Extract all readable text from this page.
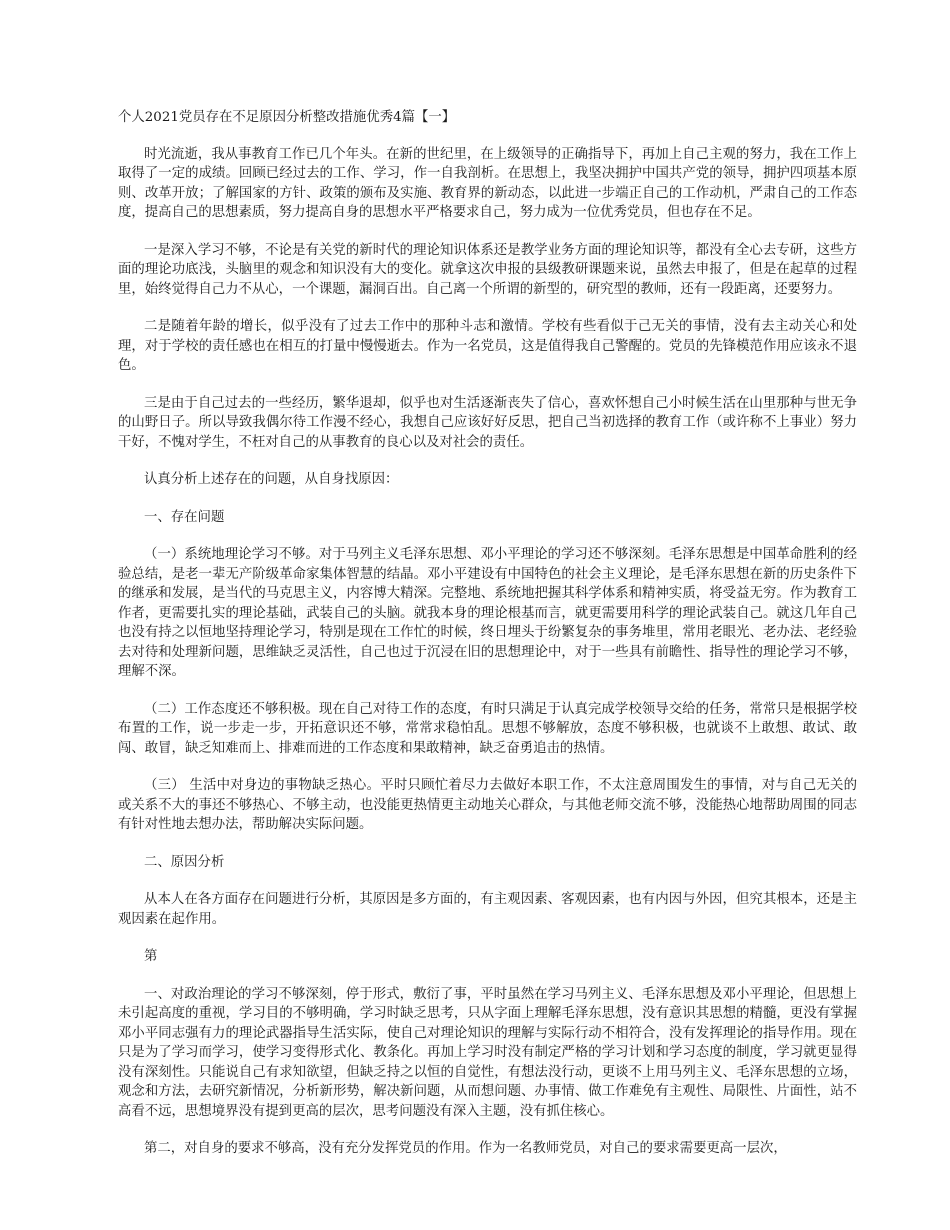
个人2021党员存在不足原因分析整改措施优秀4篇【一】

时光流逝，我从事教育工作已几个年头。在新的世纪里，在上级领导的正确指导下，再加上自己主观的努力，我在工作上取得了一定的成绩。回顾已经过去的工作、学习，作一自我剖析。在思想上，我坚决拥护中国共产党的领导，拥护四项基本原则、改革开放；了解国家的方针、政策的颁布及实施、教育界的新动态，以此进一步端正自己的工作动机，严肃自己的工作态度，提高自己的思想素质，努力提高自身的思想水平严格要求自己，努力成为一位优秀党员，但也存在不足。

一是深入学习不够，不论是有关党的新时代的理论知识体系还是教学业务方面的理论知识等，都没有全心去专研，这些方面的理论功底浅，头脑里的观念和知识没有大的变化。就拿这次申报的县级教研课题来说，虽然去申报了，但是在起草的过程里，始终觉得自己力不从心，一个课题，漏洞百出。自己离一个所谓的新型的，研究型的教师，还有一段距离，还要努力。

二是随着年龄的增长，似乎没有了过去工作中的那种斗志和激情。学校有些看似于己无关的事情，没有去主动关心和处理，对于学校的责任感也在相互的打量中慢慢逝去。作为一名党员，这是值得我自己警醒的。党员的先锋模范作用应该永不退色。

三是由于自己过去的一些经历，繁华退却，似乎也对生活逐渐丧失了信心，喜欢怀想自己小时候生活在山里那种与世无争的山野日子。所以导致我偶尔待工作漫不经心，我想自己应该好好反思，把自己当初选择的教育工作（或许称不上事业）努力干好，不愧对学生，不枉对自己的从事教育的良心以及对社会的责任。

认真分析上述存在的问题，从自身找原因：

一、存在问题

（一）系统地理论学习不够。对于马列主义毛泽东思想、邓小平理论的学习还不够深刻。毛泽东思想是中国革命胜利的经验总结，是老一辈无产阶级革命家集体智慧的结晶。邓小平建设有中国特色的社会主义理论，是毛泽东思想在新的历史条件下的继承和发展，是当代的马克思主义，内容博大精深。完整地、系统地把握其科学体系和精神实质，将受益无穷。作为教育工作者，更需要扎实的理论基础，武装自己的头脑。就我本身的理论根基而言，就更需要用科学的理论武装自己。就这几年自己也没有持之以恒地坚持理论学习，特别是现在工作忙的时候，终日埋头于纷繁复杂的事务堆里，常用老眼光、老办法、老经验去对待和处理新问题，思维缺乏灵活性，自己也过于沉浸在旧的思想理论中，对于一些具有前瞻性、指导性的理论学习不够，理解不深。

（二）工作态度还不够积极。现在自己对待工作的态度，有时只满足于认真完成学校领导交给的任务，常常只是根据学校布置的工作，说一步走一步，开拓意识还不够，常常求稳怕乱。思想不够解放，态度不够积极，也就谈不上敢想、敢试、敢闯、敢冒，缺乏知难而上、排难而进的工作态度和果敢精神，缺乏奋勇追击的热情。

（三） 生活中对身边的事物缺乏热心。平时只顾忙着尽力去做好本职工作，不太注意周围发生的事情，对与自己无关的或关系不大的事还不够热心、不够主动，也没能更热情更主动地关心群众，与其他老师交流不够，没能热心地帮助周围的同志有针对性地去想办法，帮助解决实际问题。

二、原因分析

从本人在各方面存在问题进行分析，其原因是多方面的，有主观因素、客观因素，也有内因与外因，但究其根本，还是主观因素在起作用。

第

一、对政治理论的学习不够深刻，停于形式，敷衍了事，平时虽然在学习马列主义、毛泽东思想及邓小平理论，但思想上未引起高度的重视，学习目的不够明确，学习时缺乏思考，只从字面上理解毛泽东思想，没有意识其思想的精髓，更没有掌握邓小平同志强有力的理论武器指导生活实际，使自己对理论知识的理解与实际行动不相符合，没有发挥理论的指导作用。现在只是为了学习而学习，使学习变得形式化、教条化。再加上学习时没有制定严格的学习计划和学习态度的制度，学习就更显得没有深刻性。只能说自己有求知欲望，但缺乏持之以恒的自觉性，有想法没行动，更谈不上用马列主义、毛泽东思想的立场，观念和方法，去研究新情况，分析新形势，解决新问题，从而想问题、办事情、做工作难免有主观性、局限性、片面性，站不高看不远，思想境界没有提到更高的层次，思考问题没有深入主题，没有抓住核心。

第二，对自身的要求不够高，没有充分发挥党员的作用。作为一名教师党员，对自己的要求需要更高一层次，
